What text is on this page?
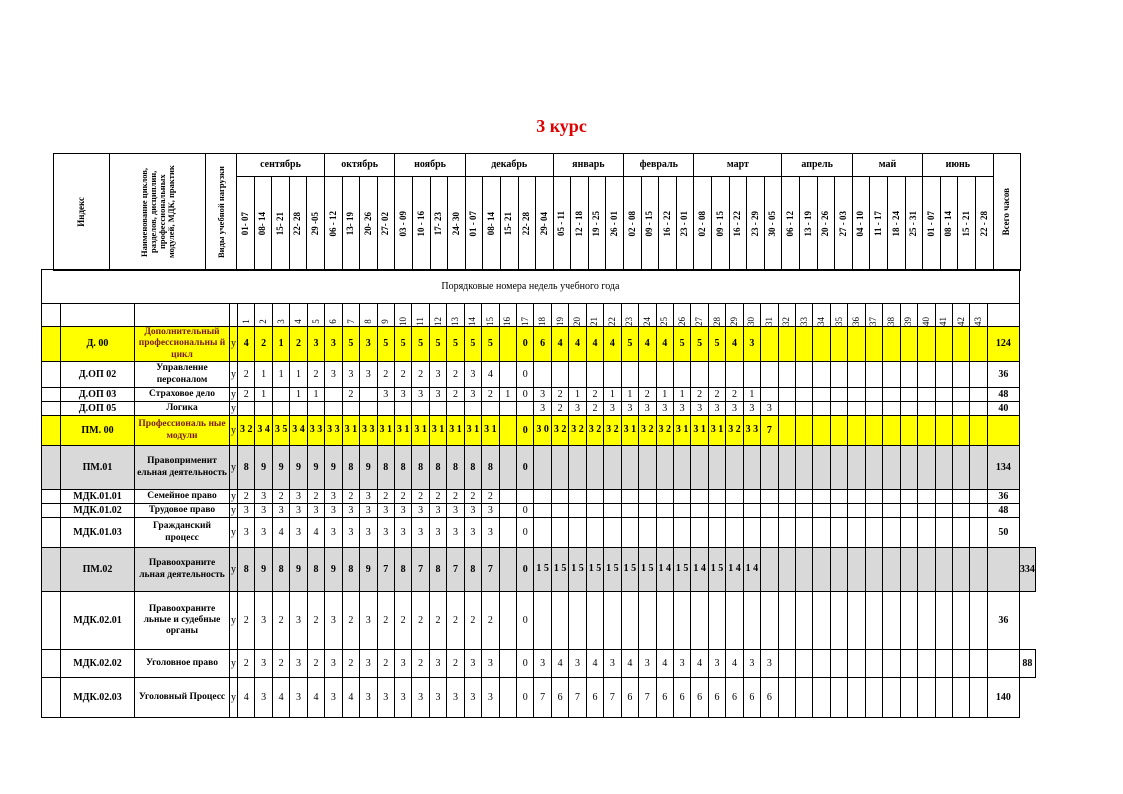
3 курс
Индекс	Наименование циклов, разделов, дисциплин, профессиональных модулей, МДК, практик	Виды учебной нагрузки	сентябрь					октябрь				ноябрь				декабрь					январь				февраль				март					апрель				май				июнь				Всего часов

			01- 07	08- 14	15- 21	22- 28	29 -05	06 - 12	13- 19	20- 26	27- 02	03 - 09	10 - 16	17- 23	24- 30	01 - 07	08- 14	15- 21	22- 28	29- 04	05 - 11	12 - 18	19 - 25	26 - 01	02 - 08	09 - 15	16 - 22	23 - 01	02 - 08	09 - 15	16 - 22	23 - 29	30 - 05	06 - 12	13 - 19	20 - 26	27 - 03	04 - 10	11 - 17	18 - 24	25 - 31	01 - 07	08 - 14	15 - 21	22 - 28	
Порядковые номера недель учебного года																																																
				1	2	3	4	5	6	7	8	9	10	11	12	13	14	15	16	17	18	19	20	21	22	23	24	25	26	27	28	29	30	31	32	33	34	35	36	37	38	39	40	41	42	43		
	Д. 00	Дополнительный профессиональны й цикл	у	4	2	1	2	3	3	5	3	5	5	5	5	5	5	5		0	6	4	4	4	4	5	4	4	5	5	5	4	3														124	
	Д.ОП 02	Управление персоналом	у	2	1	1	1	2	3	3	3	2	2	2	3	2	3	4		0																											36	
	Д.ОП 03	Страховое дело	у	2	1		1	1		2		3	3	3	3	2	3	2	1	0	3	2	1	2	1	1	2	1	1	2	2	2	1														48	
	Д.ОП 05	Логика	у																		3	2	3	2	3	3	3	3	3	3	3	3	3	3													40	
	ПМ. 00	Профессиональ ные модули	у	3 2	3 4	3 5	3 4	3 3	3 3	3 1	3 3	3 1	3 1	3 1	3 1	3 1	3 1	3 1		0	3 0	3 2	3 2	3 2	3 2	3 1	3 2	3 2	3 1	3 1	3 1	3 2	3 3	7														
	ПМ.01	Правоприменит ельная деятельность	у	8	9	9	9	9	9	8	9	8	8	8	8	8	8	8		0																											134	
	МДК.01.01	Семейное право	у	2	3	2	3	2	3	2	3	2	2	2	2	2	2	2																													36	
	МДК.01.02	Трудовое право	у	3	3	3	3	3	3	3	3	3	3	3	3	3	3	3		0																											48	
	МДК.01.03	Гражданский процесс	у	3	3	4	3	4	3	3	3	3	3	3	3	3	3	3		0																											50	
	ПМ.02	Правоохраните льная деятельность	у	8	9	8	9	8	9	8	9	7	8	7	8	7	8	7		0	1 5	1 5	1 5	1 5	1 5	1 5	1 5	1 4	1 5	1 4	1 5	1 4	1 4															334
	МДК.02.01	Правоохраните льные и судебные органы	у	2	3	2	3	2	3	2	3	2	2	2	2	2	2	2		0																											36	
	МДК.02.02	Уголовное право	у	2	3	2	3	2	3	2	3	2	3	2	3	2	3	3		0	3	4	3	4	3	4	3	4	3	4	3	4	3	3														88
	МДК.02.03	Уголовный Процесс	у	4	3	4	3	4	3	4	3	3	3	3	3	3	3	3		0	7	6	7	6	7	6	7	6	6	6	6	6	6	6													140	
